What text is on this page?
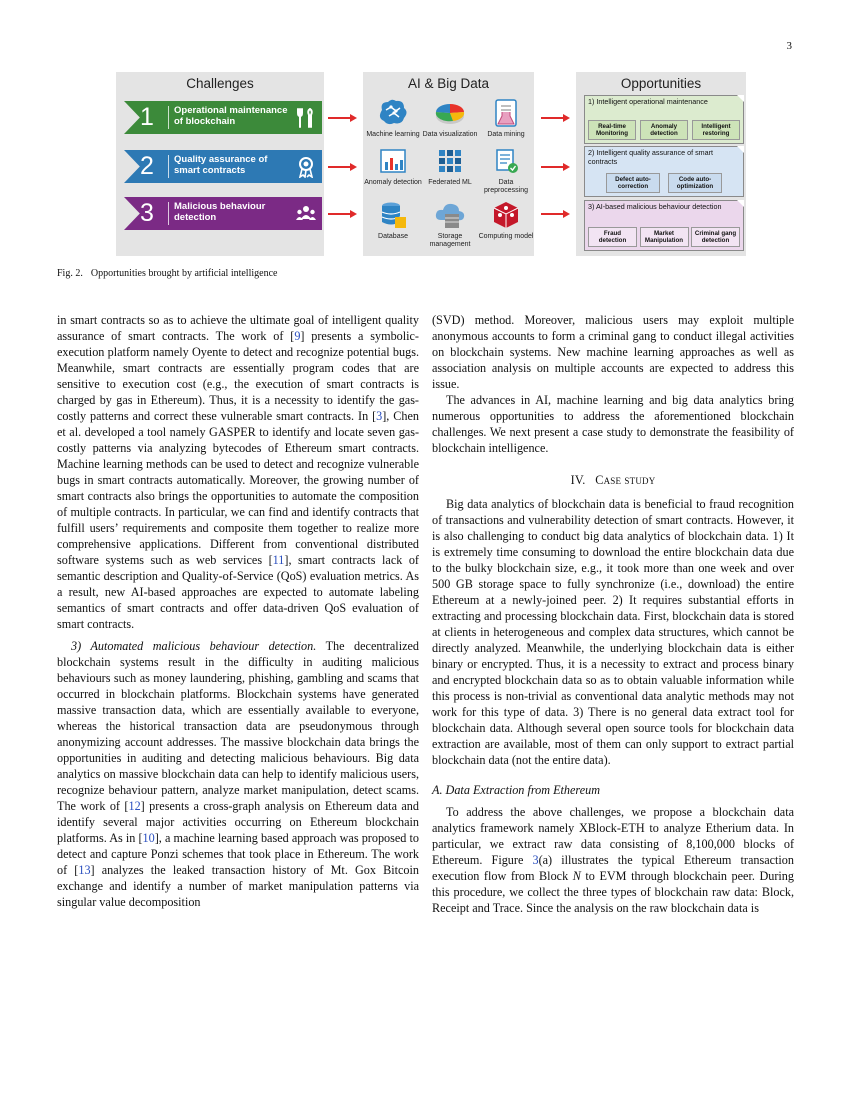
3
Challenges
1 Operational maintenance of blockchain
2 Quality assurance of smart contracts
3 Malicious behaviour detection
AI & Big Data
Machine learning Data visualization	Data mining
Anomaly detection Federated ML	Data preprocessing
Database	Storage management
Computing model
Opportunities
1) Intelligent operational maintenance
Real-time Monitoring
Anomaly detection
Intelligent restoring
2) Intelligent quality assurance of smart contracts
Defect auto-correction
Code auto-optimization
3) AI-based malicious behaviour detection
Fraud detection
Market Manipulation
Criminal gang detection
Fig. 2. Opportunities brought by artificial intelligence

in smart contracts so as to achieve the ultimate goal of intelligent quality assurance of smart contracts. The work of [9] presents a symbolic-execution platform namely Oyente to detect and recognize potential bugs. Meanwhile, smart contracts are essentially program codes that are sensitive to execution cost (e.g., the execution of smart contracts is charged by gas in Ethereum). Thus, it is a necessity to identify the gas-costly patterns and correct these vulnerable smart contracts. In [3], Chen et al. developed a tool namely GASPER to identify and locate seven gas-costly patterns via analyzing bytecodes of Ethereum smart contracts. Machine learning methods can be used to detect and recognize vulnerable bugs in smart contracts automatically. Moreover, the growing number of smart contracts also brings the opportunities to automate the composition of multiple contracts. In particular, we can find and identify contracts that fulfill users’ requirements and composite them together to realize more comprehensive applications. Different from conventional distributed software systems such as web services [11], smart contracts lack of semantic description and Quality-of-Service (QoS) evaluation metrics. As a result, new AI-based approaches are expected to automate labeling semantics of smart contracts and offer data-driven QoS evaluation of smart contracts.

3) Automated malicious behaviour detection. The decentralized blockchain systems result in the difficulty in auditing malicious behaviours such as money laundering, phishing, gambling and scams that occurred in blockchain platforms. Blockchain systems have generated massive transaction data, which are essentially available to everyone, whereas the historical transaction data are pseudonymous through anonymizing account addresses. The massive blockchain data brings the opportunities in auditing and detecting malicious behaviours. Big data analytics on massive blockchain data can help to identify malicious users, recognize behaviour pattern, analyze market manipulation, detect scams. The work of [12] presents a cross-graph analysis on Ethereum data and identify several major activities occurring on Ethereum blockchain platforms. As in [10], a machine learning based approach was proposed to detect and capture Ponzi schemes that took place in Ethereum. The work of [13] analyzes the leaked transaction history of Mt. Gox Bitcoin exchange and identify a number of market manipulation patterns via singular value decomposition

(SVD) method. Moreover, malicious users may exploit multiple anonymous accounts to form a criminal gang to conduct illegal activities on blockchain systems. New machine learning approaches as well as association analysis on multiple accounts are expected to address this issue.

The advances in AI, machine learning and big data analytics bring numerous opportunities to address the aforementioned blockchain challenges. We next present a case study to demonstrate the feasibility of blockchain intelligence.

IV. Case study

Big data analytics of blockchain data is beneficial to fraud recognition of transactions and vulnerability detection of smart contracts. However, it is also challenging to conduct big data analytics of blockchain data. 1) It is extremely time consuming to download the entire blockchain data due to the bulky blockchain size, e.g., it took more than one week and over 500 GB storage space to fully synchronize (i.e., download) the entire Ethereum at a newly-joined peer. 2) It requires substantial efforts in extracting and processing blockchain data. First, blockchain data is stored at clients in heterogeneous and complex data structures, which cannot be directly analyzed. Meanwhile, the underlying blockchain data is either binary or encrypted. Thus, it is a necessity to extract and process binary and encrypted blockchain data so as to obtain valuable information while this process is non-trivial as conventional data analytic methods may not work for this type of data. 3) There is no general data extract tool for blockchain data. Although several open source tools for blockchain data extraction are available, most of them can only support to extract partial blockchain data (not the entire data).

A. Data Extraction from Ethereum

To address the above challenges, we propose a blockchain data analytics framework namely XBlock-ETH to analyze Etherium data. In particular, we extract raw data consisting of 8,100,000 blocks of Ethereum. Figure 3(a) illustrates the typical Ethereum transaction execution flow from Block N to EVM through blockchain peer. During this procedure, we collect the three types of blockchain raw data: Block, Receipt and Trace. Since the analysis on the raw blockchain data is
